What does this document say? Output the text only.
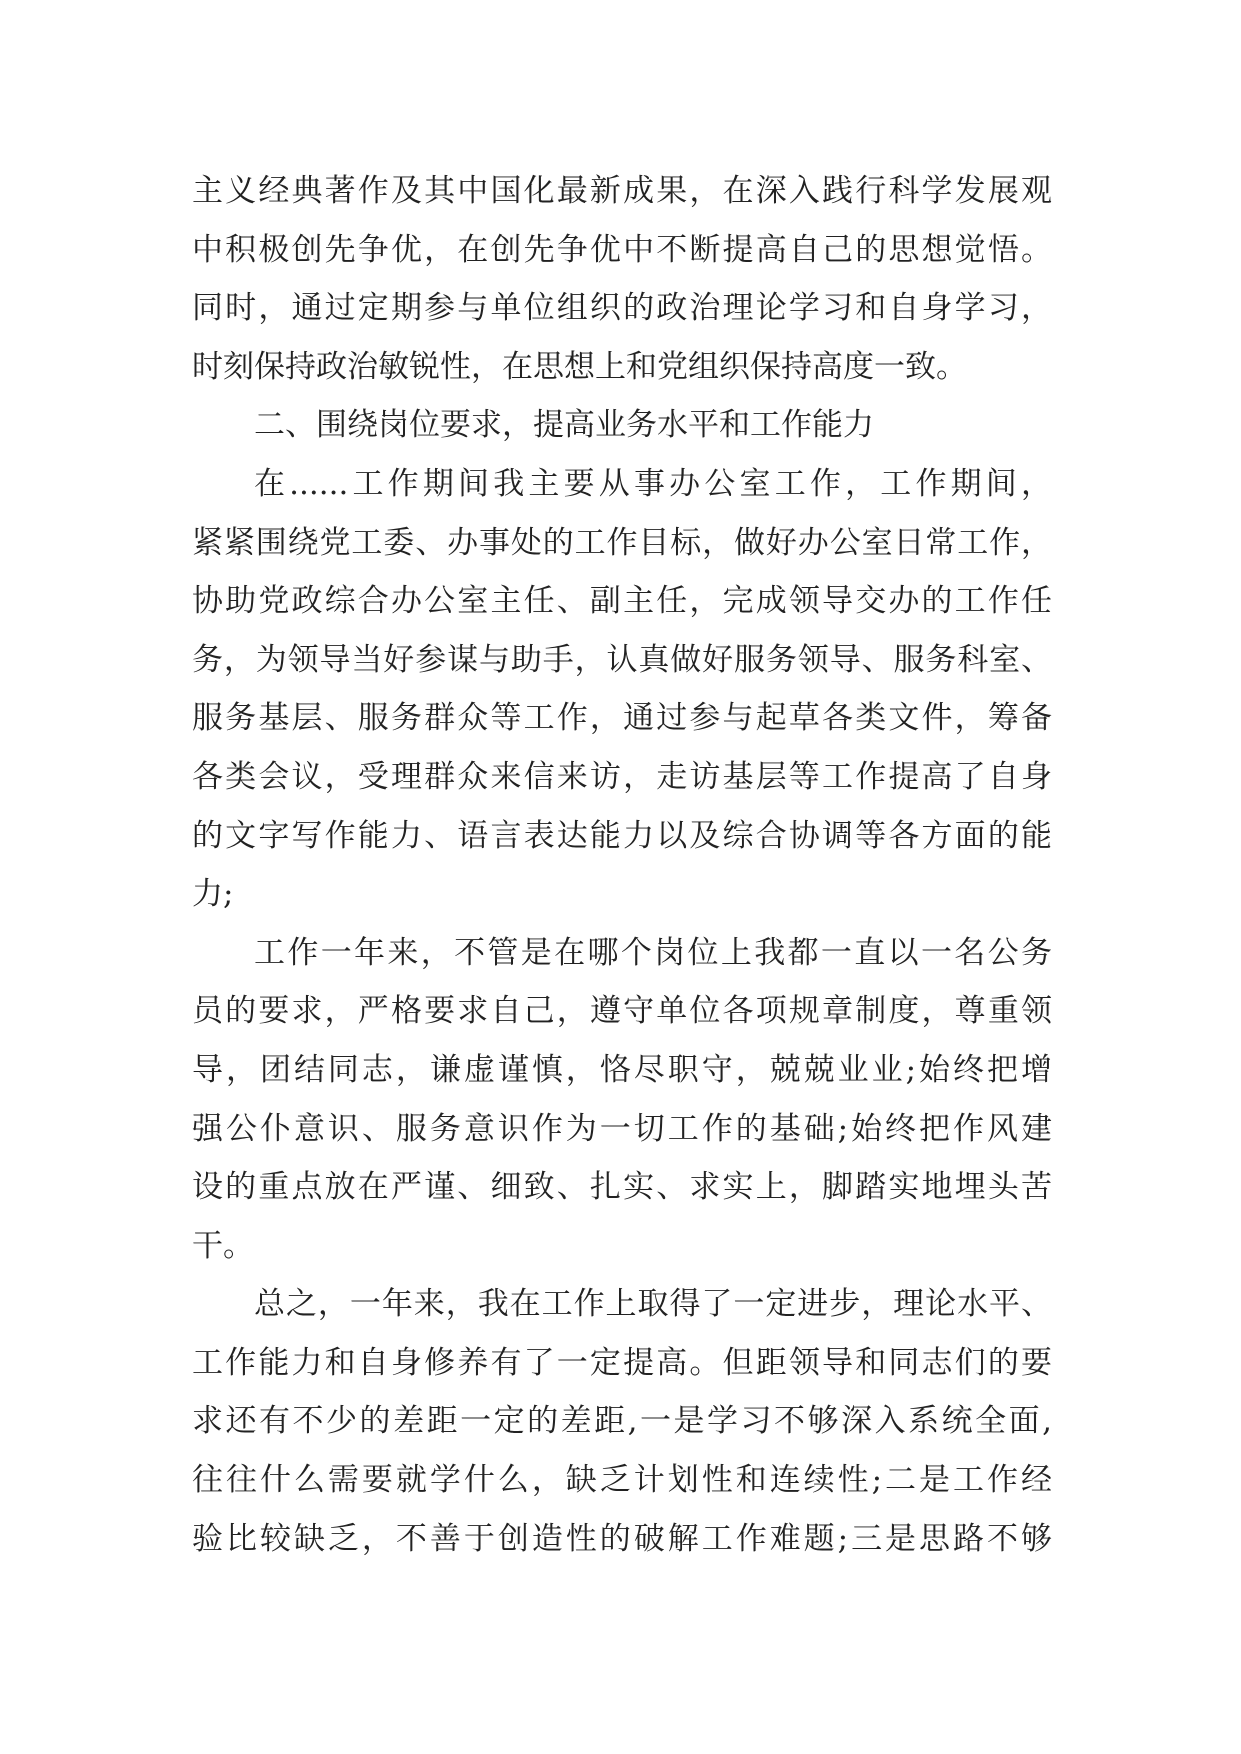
主义经典著作及其中国化最新成果，在深入践行科学发展观
中积极创先争优，在创先争优中不断提高自己的思想觉悟。
同时，通过定期参与单位组织的政治理论学习和自身学习，
时刻保持政治敏锐性，在思想上和党组织保持高度一致。
二、围绕岗位要求，提高业务水平和工作能力
在......工作期间我主要从事办公室工作，工作期间，
紧紧围绕党工委、办事处的工作目标，做好办公室日常工作，
协助党政综合办公室主任、副主任，完成领导交办的工作任
务，为领导当好参谋与助手，认真做好服务领导、服务科室、
服务基层、服务群众等工作，通过参与起草各类文件，筹备
各类会议，受理群众来信来访，走访基层等工作提高了自身
的文字写作能力、语言表达能力以及综合协调等各方面的能
力;
工作一年来，不管是在哪个岗位上我都一直以一名公务
员的要求，严格要求自己，遵守单位各项规章制度，尊重领
导，团结同志，谦虚谨慎，恪尽职守，兢兢业业;始终把增
强公仆意识、服务意识作为一切工作的基础;始终把作风建
设的重点放在严谨、细致、扎实、求实上，脚踏实地埋头苦
干。
总之，一年来，我在工作上取得了一定进步，理论水平、
工作能力和自身修养有了一定提高。但距领导和同志们的要
求还有不少的差距一定的差距,一是学习不够深入系统全面,
往往什么需要就学什么，缺乏计划性和连续性;二是工作经
验比较缺乏，不善于创造性的破解工作难题;三是思路不够
